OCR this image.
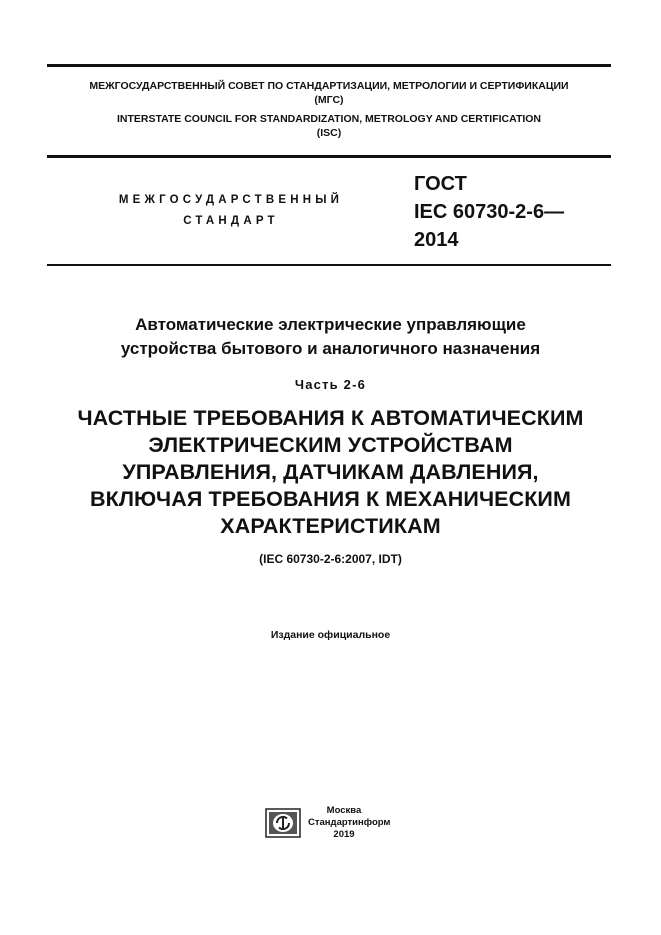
МЕЖГОСУДАРСТВЕННЫЙ СОВЕТ ПО СТАНДАРТИЗАЦИИ, МЕТРОЛОГИИ И СЕРТИФИКАЦИИ
(МГС)
INTERSTATE COUNCIL FOR STANDARDIZATION, METROLOGY AND CERTIFICATION
(ISC)
МЕЖГОСУДАРСТВЕННЫЙ
СТАНДАРТ
ГОСТ
IEC 60730-2-6—
2014
Автоматические электрические управляющие
устройства бытового и аналогичного назначения
Часть 2-6
ЧАСТНЫЕ ТРЕБОВАНИЯ К АВТОМАТИЧЕСКИМ
ЭЛЕКТРИЧЕСКИМ УСТРОЙСТВАМ
УПРАВЛЕНИЯ, ДАТЧИКАМ ДАВЛЕНИЯ,
ВКЛЮЧАЯ ТРЕБОВАНИЯ К МЕХАНИЧЕСКИМ
ХАРАКТЕРИСТИКАМ
(IEC 60730-2-6:2007, IDT)
Издание официальное
Москва
Стандартинформ
2019
